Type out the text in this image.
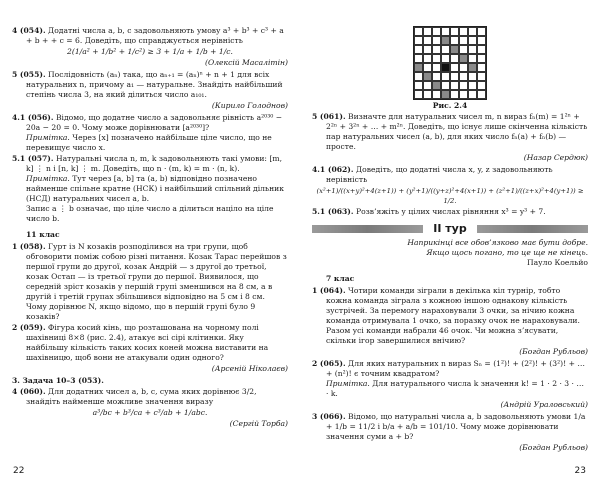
4 (054). Додатні числа a, b, c задовольняють умову a³ + b³ + c³ + a + b + + c = 6. Доведіть, що справджується нерівність
2(1/a² + 1/b² + 1/c²) ≥ 3 + 1/a + 1/b + 1/c.
(Олексій Масалітін)
5 (055). Послідовність (aₙ) така, що aₙ₊₁ = (aₙ)ⁿ + n + 1 для всіх натуральних n, причому a₁ — натуральне. Знайдіть найбільший степінь числа 3, на який ділиться число a₁₀₁.
(Кирило Голоднов)
4.1 (056). Відомо, що додатне число a задовольняє рівність a²⁰³⁰ − 20a − 20 = 0. Чому може дорівнювати [a²⁰³⁰]?
Примітка. Через [x] позначено найбільше ціле число, що не перевищує число x.
5.1 (057). Натуральні числа n, m, k задовольняють такі умови: [m, k] ⋮ n і [n, k] ⋮ m. Доведіть, що n · (m, k) = m · (n, k).
Примітка. Тут через [a, b] та (a, b) відповідно позначено найменше спільне кратне (НСК) і найбільший спільний дільник (НСД) натуральних чисел a, b.
Запис a ⋮ b означає, що ціле число a ділиться націло на ціле число b.
11 клас
1 (058). Гурт із N козаків розподілився на три групи, щоб обговорити поміж собою різні питання. Козак Тарас перейшов з першої групи до другої, козак Андрій — з другої до третьої, козак Остап — із третьої групи до першої. Виявилося, що середній зріст козаків у першій групі зменшився на 8 см, а в другій і третій групах збільшився відповідно на 5 см і 8 см. Чому дорівнює N, якщо відомо, що в першій групі було 9 козаків?
2 (059). Фігура косий кінь, що розташована на чорному полі шахівниці 8×8 (рис. 2.4), атакує всі сірі клітинки. Яку найбільшу кількість таких косих коней можна виставити на шахівницю, щоб вони не атакували один одного?
(Арсеній Ніколаєв)
3. Задача 10–3 (053).
4 (060). Для додатних чисел a, b, c, сума яких дорівнює 3/2, знайдіть найменше можливе значення виразу
a³/bc + b³/ca + c³/ab + 1/abc.
(Сергій Торба)
22
Рис. 2.4
5 (061). Визначте для натуральних чисел m, n вираз fₙ(m) = 1²ⁿ + 2²ⁿ + 3²ⁿ + … + m²ⁿ. Доведіть, що існує лише скінченна кількість пар натуральних чисел (a, b), для яких число fₙ(a) + fₙ(b) — просте.
(Назар Сердюк)
4.1 (062). Доведіть, що додатні числа x, y, z задовольняють нерівність
(x²+1)/((x+y)²+4(z+1)) + (y²+1)/((y+z)²+4(x+1)) + (z²+1)/((z+x)²+4(y+1)) ≥ 1/2.
5.1 (063). Розв’яжіть у цілих числах рівняння x³ = y³ + 7.
II тур
Наприкінці все обов’язково має бути добре.
Якщо щось погано, то це ще не кінець.
Пауло Коельйо
7 клас
1 (064). Чотири команди зіграли в декілька кіл турнір, тобто кожна команда зіграла з кожною іншою однакову кількість зустрічей. За перемогу нараховували 3 очки, за нічию кожна команда отримувала 1 очко, за поразку очок не нараховували. Разом усі команди набрали 46 очок. Чи можна з’ясувати, скільки ігор завершилися внічию?
(Богдан Рубльов)
2 (065). Для яких натуральних n вираз Sₙ = (1²)! + (2²)! + (3²)! + … + (n²)! є точним квадратом?
Примітка. Для натурального числа k значення k! = 1 · 2 · 3 · … · k.
(Андрій Ураловський)
3 (066). Відомо, що натуральні числа a, b задовольняють умови 1/a + 1/b = 11/2 і b/a + a/b = 101/10. Чому може дорівнювати значення суми a + b?
(Богдан Рубльов)
23
